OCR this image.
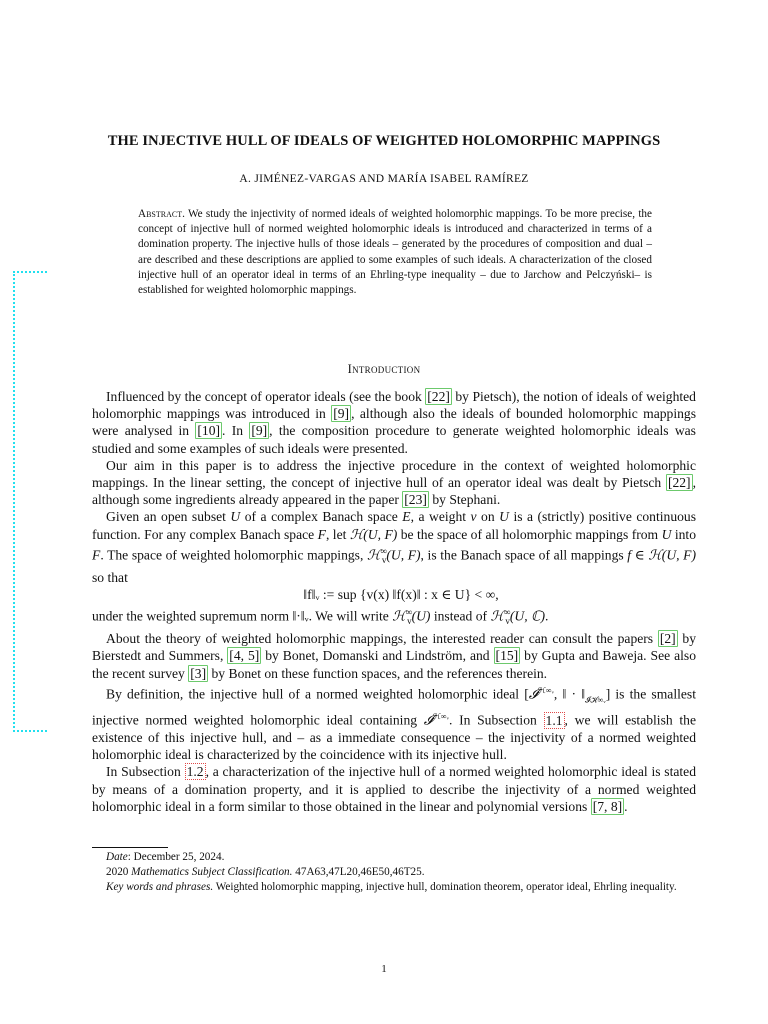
THE INJECTIVE HULL OF IDEALS OF WEIGHTED HOLOMORPHIC MAPPINGS
A. JIMÉNEZ-VARGAS AND MARÍA ISABEL RAMÍREZ
Abstract. We study the injectivity of normed ideals of weighted holomorphic mappings. To be more precise, the concept of injective hull of normed weighted holomorphic ideals is introduced and characterized in terms of a domination property. The injective hulls of those ideals – generated by the procedures of composition and dual – are described and these descriptions are applied to some examples of such ideals. A characterization of the closed injective hull of an operator ideal in terms of an Ehrling-type inequality – due to Jarchow and Pelczyński– is established for weighted holomorphic mappings.
Introduction

Influenced by the concept of operator ideals (see the book [22] by Pietsch), the notion of ideals of weighted holomorphic mappings was introduced in [9] , although also the ideals of bounded holomorphic mappings were analysed in [10] . In [9] , the composition procedure to generate weighted holomorphic ideals was studied and some examples of such ideals were presented.

Our aim in this paper is to address the injective procedure in the context of weighted holomorphic mappings. In the linear setting, the concept of injective hull of an operator ideal was dealt by Pietsch [22] , although some ingredients already appeared in the paper [23] by Stephani.

Given an open subset U of a complex Banach space E, a weight v on U is a (strictly) positive continuous function. For any complex Banach space F, let ℋ(U, F) be the space of all holomorphic mappings from U into F. The space of weighted holomorphic mappings, ℋ∞$_v$(U, F), is the Banach space of all mappings f ∈ ℋ(U, F) so that

‖f‖ᵥ := sup {v(x) ‖f(x)‖ : x ∈ U} < ∞,

under the weighted supremum norm ‖·‖ᵥ. We will write ℋ∞$_v$(U) instead of ℋ∞$_v$(U, ℂ).

About the theory of weighted holomorphic mappings, the interested reader can consult the papers [2] by Bierstedt and Summers, [4, 5] by Bonet, Domanski and Lindström, and [15] by Gupta and Baweja. See also the recent survey [3] by Bonet on these function spaces, and the references therein.

By definition, the injective hull of a normed weighted holomorphic ideal [𝓘$^{ℋ\infty ᵥ}$, ‖ · $‖_{𝓘ℋ\infty ᵥ}$] is the smallest injective normed weighted holomorphic ideal containing 𝓘$^{ℋ\infty ᵥ}$. In Subsection 1.1 , we will establish the existence of this injective hull, and – as a immediate consequence – the injectivity of a normed weighted holomorphic ideal is characterized by the coincidence with its injective hull.

In Subsection 1.2 , a characterization of the injective hull of a normed weighted holomorphic ideal is stated by means of a domination property, and it is applied to describe the injectivity of a normed weighted holomorphic ideal in a form similar to those obtained in the linear and polynomial versions [7, 8] .

Date: December 25, 2024.

2020 Mathematics Subject Classification. 47A63,47L20,46E50,46T25.

Key words and phrases. Weighted holomorphic mapping, injective hull, domination theorem, operator ideal, Ehrling inequality.

1
